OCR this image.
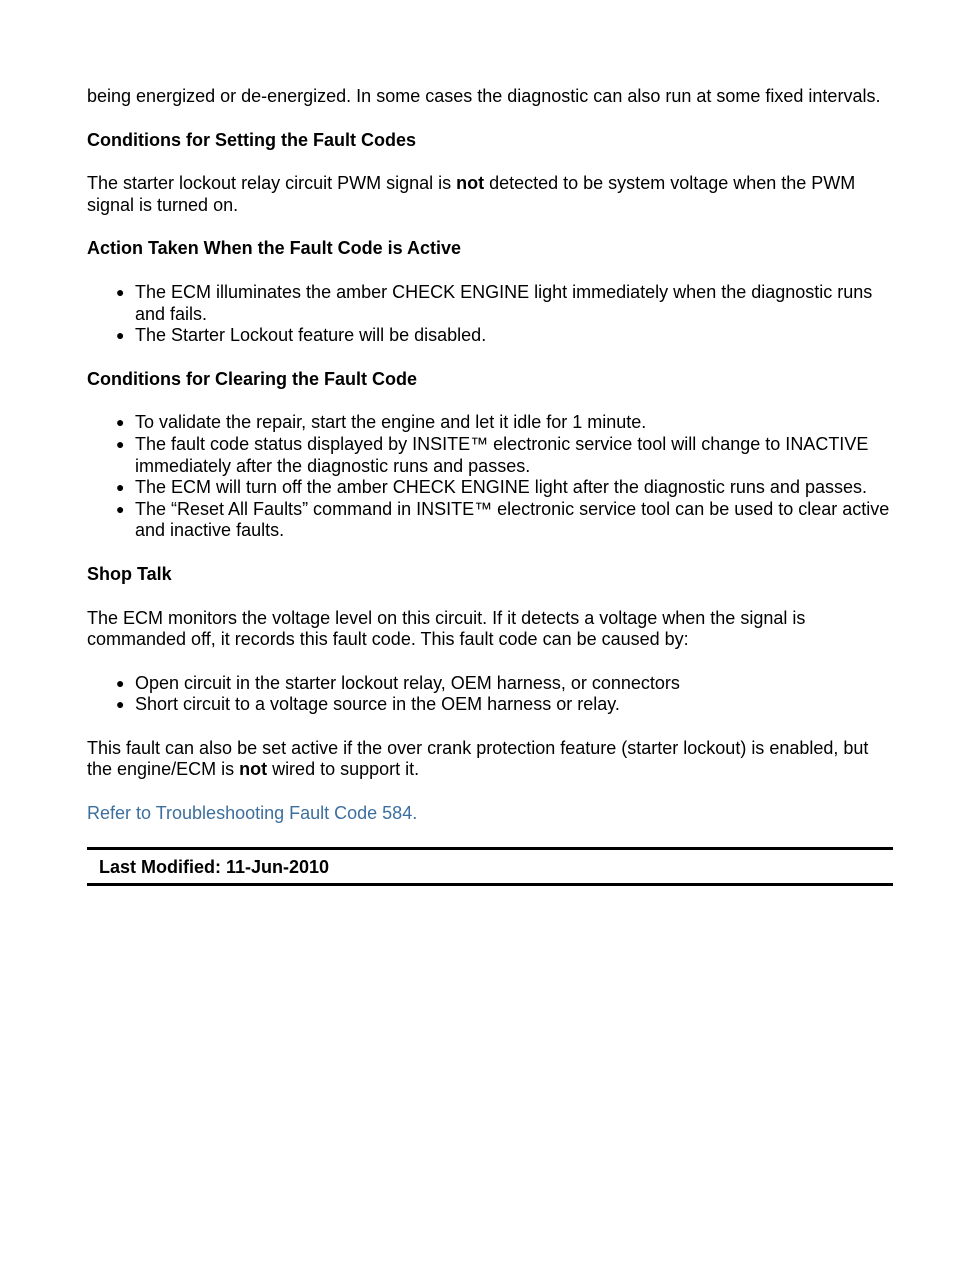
being energized or de-energized. In some cases the diagnostic can also run at some fixed intervals.

Conditions for Setting the Fault Codes

The starter lockout relay circuit PWM signal is not detected to be system voltage when the PWM signal is turned on.

Action Taken When the Fault Code is Active

● The ECM illuminates the amber CHECK ENGINE light immediately when the diagnostic runs and fails.
● The Starter Lockout feature will be disabled.

Conditions for Clearing the Fault Code

● To validate the repair, start the engine and let it idle for 1 minute.
● The fault code status displayed by INSITE™ electronic service tool will change to INACTIVE immediately after the diagnostic runs and passes.
● The ECM will turn off the amber CHECK ENGINE light after the diagnostic runs and passes.
● The “Reset All Faults” command in INSITE™ electronic service tool can be used to clear active and inactive faults.

Shop Talk

The ECM monitors the voltage level on this circuit. If it detects a voltage when the signal is commanded off, it records this fault code. This fault code can be caused by:

● Open circuit in the starter lockout relay, OEM harness, or connectors
● Short circuit to a voltage source in the OEM harness or relay.

This fault can also be set active if the over crank protection feature (starter lockout) is enabled, but the engine/ECM is not wired to support it.

Refer to Troubleshooting Fault Code 584.

Last Modified: 11-Jun-2010
